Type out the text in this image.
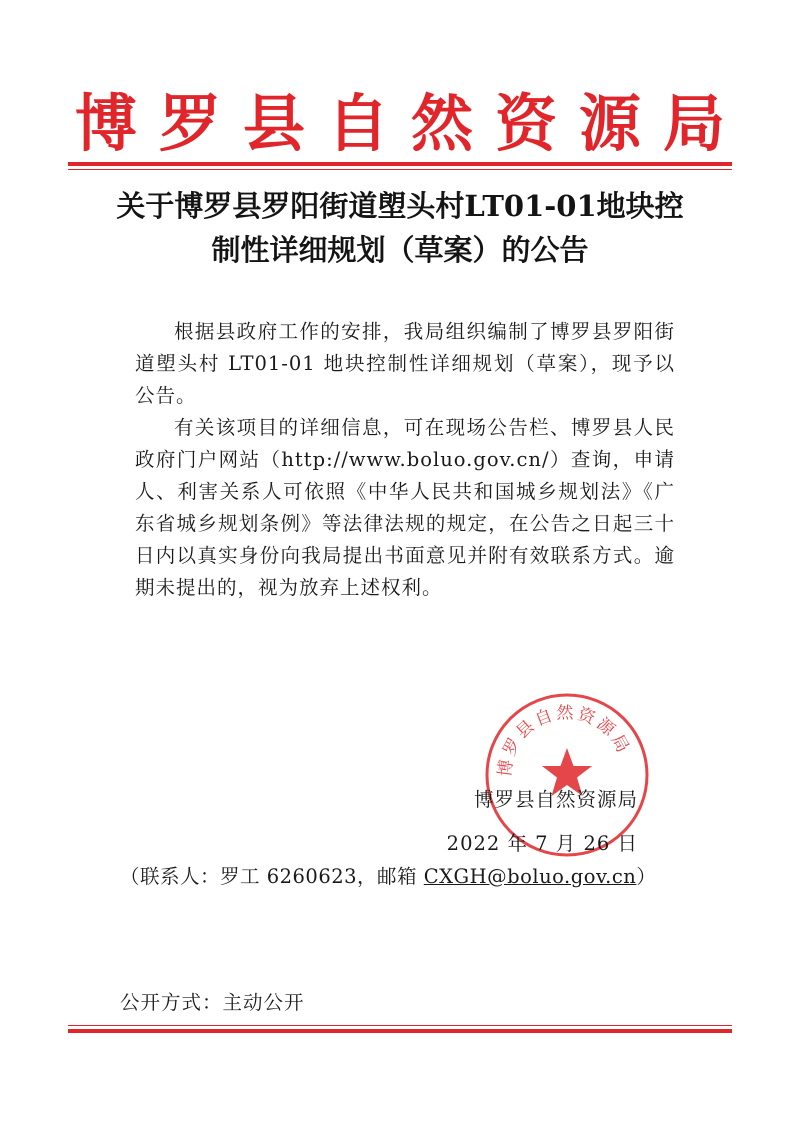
博罗县自然资源局
关于博罗县罗阳街道塱头村LT01-01地块控
制性详细规划（草案）的公告

根据县政府工作的安排，我局组织编制了博罗县罗阳街道塱头村 LT01-01 地块控制性详细规划（草案），现予以公告。

有关该项目的详细信息，可在现场公告栏、博罗县人民政府门户网站（http://www.boluo.gov.cn/）查询，申请人、利害关系人可依照《中华人民共和国城乡规划法》《广东省城乡规划条例》等法律法规的规定，在公告之日起三十日内以真实身份向我局提出书面意见并附有效联系方式。逾期未提出的，视为放弃上述权利。

博罗县自然资源局
博罗县自然资源局
2022 年 7 月 26 日
（联系人：罗工 6260623，邮箱 CXGH@boluo.gov.cn）
公开方式：主动公开
